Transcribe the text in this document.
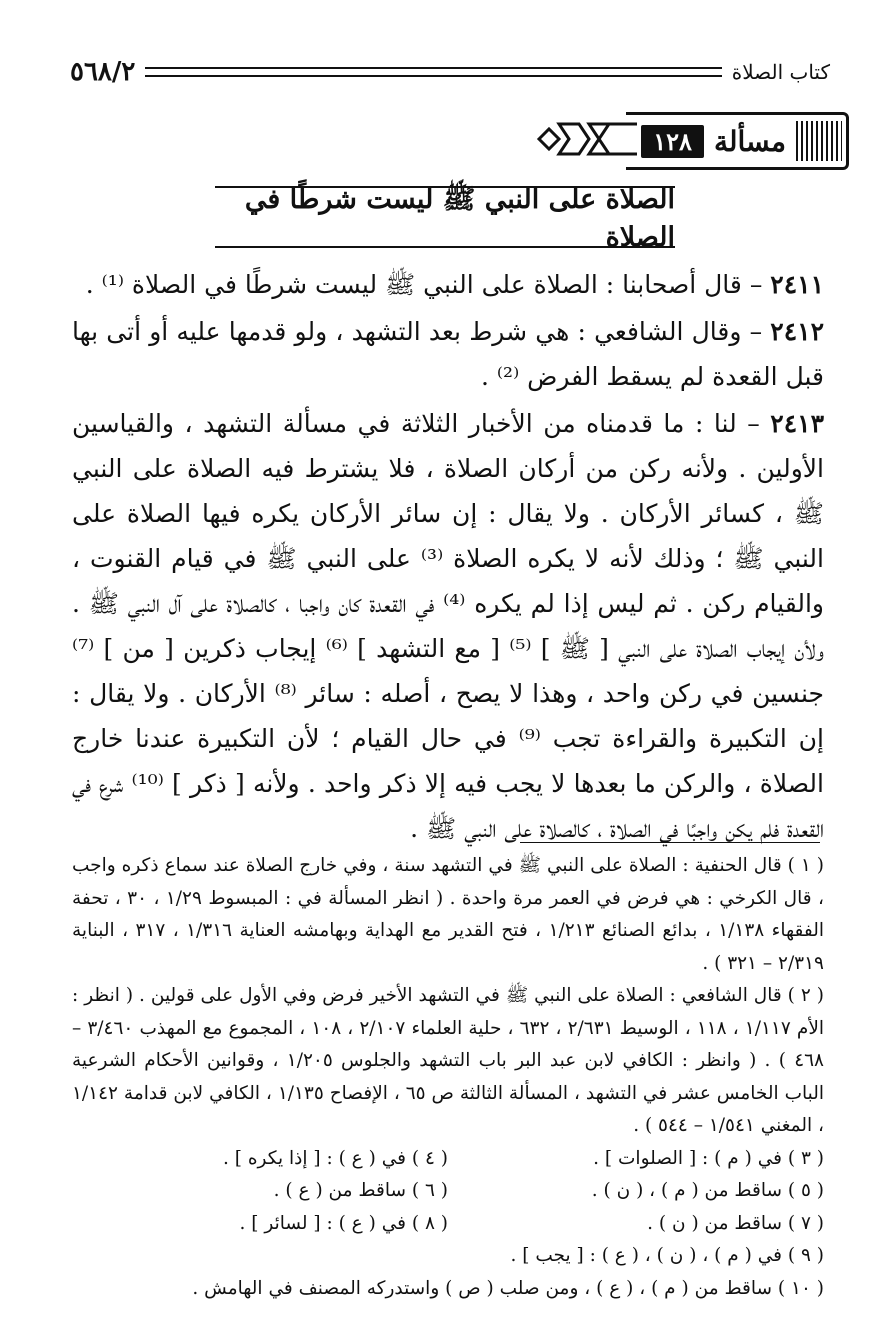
كتاب الصلاة
٥٦٨/٢
مسألة
١٢٨
الصلاة على النبي ﷺ ليست شرطًا في الصلاة

٢٤١١ – قال أصحابنا : الصلاة على النبي ﷺ ليست شرطًا في الصلاة ⁽¹⁾ .

٢٤١٢ – وقال الشافعي : هي شرط بعد التشهد ، ولو قدمها عليه أو أتى بها قبل القعدة لم يسقط الفرض ⁽²⁾ .

٢٤١٣ – لنا : ما قدمناه من الأخبار الثلاثة في مسألة التشهد ، والقياسين الأولين . ولأنه ركن من أركان الصلاة ، فلا يشترط فيه الصلاة على النبي ﷺ ، كسائر الأركان . ولا يقال : إن سائر الأركان يكره فيها الصلاة على النبي ﷺ ؛ وذلك لأنه لا يكره الصلاة ⁽³⁾ على النبي ﷺ في قيام القنوت ، والقيام ركن . ثم ليس إذا لم يكره ⁽⁴⁾ في القعدة كان واجبا ، كالصلاة على آل النبي ﷺ . ولأن إيجاب الصلاة على النبي [ ﷺ ] ⁽⁵⁾ [ مع التشهد ] ⁽⁶⁾ إيجاب ذكرين [ من ] ⁽⁷⁾ جنسين في ركن واحد ، وهذا لا يصح ، أصله : سائر ⁽⁸⁾ الأركان . ولا يقال : إن التكبيرة والقراءة تجب ⁽⁹⁾ في حال القيام ؛ لأن التكبيرة عندنا خارج الصلاة ، والركن ما بعدها لا يجب فيه إلا ذكر واحد . ولأنه [ ذكر ] ⁽¹⁰⁾ شرع في القعدة فلم يكن واجبًا في الصلاة ، كالصلاة على النبي ﷺ .

( ١ ) قال الحنفية : الصلاة على النبي ﷺ في التشهد سنة ، وفي خارج الصلاة عند سماع ذكره واجب ، قال الكرخي : هي فرض في العمر مرة واحدة . ( انظر المسألة في : المبسوط ١/٢٩ ، ٣٠ ، تحفة الفقهاء ١/١٣٨ ، بدائع الصنائع ١/٢١٣ ، فتح القدير مع الهداية وبهامشه العناية ١/٣١٦ ، ٣١٧ ، البناية ٢/٣١٩ – ٣٢١ ) .

( ٢ ) قال الشافعي : الصلاة على النبي ﷺ في التشهد الأخير فرض وفي الأول على قولين . ( انظر : الأم ١/١١٧ ، ١١٨ ، الوسيط ٢/٦٣١ ، ٦٣٢ ، حلية العلماء ٢/١٠٧ ، ١٠٨ ، المجموع مع المهذب ٣/٤٦٠ – ٤٦٨ ) . ( وانظر : الكافي لابن عبد البر باب التشهد والجلوس ١/٢٠٥ ، وقوانين الأحكام الشرعية الباب الخامس عشر في التشهد ، المسألة الثالثة ص ٦٥ ، الإفصاح ١/١٣٥ ، الكافي لابن قدامة ١/١٤٢ ، المغني ١/٥٤١ – ٥٤٤ ) .

( ٣ ) في ( م ) : [ الصلوات ] .
( ٤ ) في ( ع ) : [ إذا يكره ] .
( ٥ ) ساقط من ( م ) ، ( ن ) .
( ٦ ) ساقط من ( ع ) .
( ٧ ) ساقط من ( ن ) .
( ٨ ) في ( ع ) : [ لسائر ] .

( ٩ ) في ( م ) ، ( ن ) ، ( ع ) : [ يجب ] .

( ١٠ ) ساقط من ( م ) ، ( ع ) ، ومن صلب ( ص ) واستدركه المصنف في الهامش .
